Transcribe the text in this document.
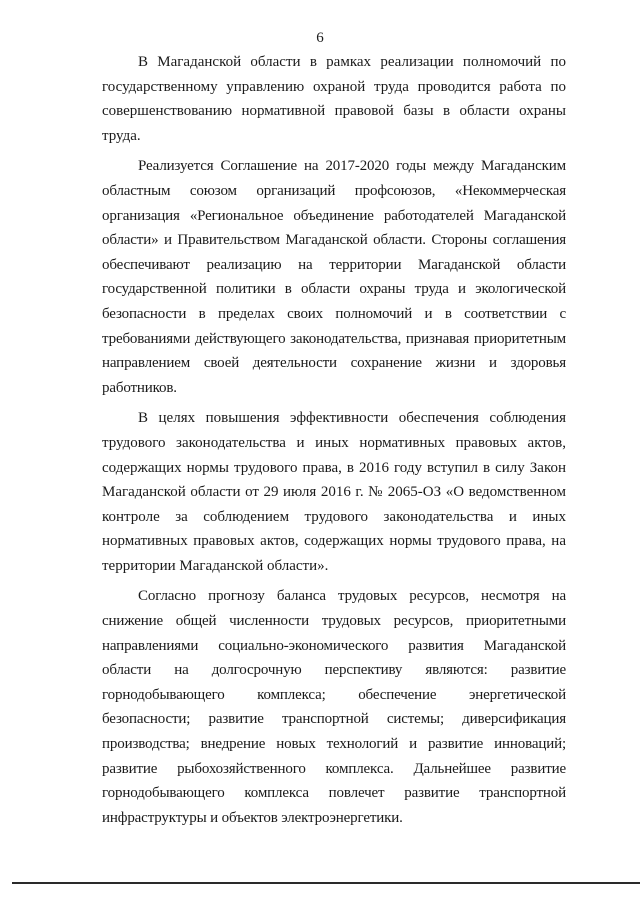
6

В Магаданской области в рамках реализации полномочий по государственному управлению охраной труда проводится работа по совершенствованию нормативной правовой базы в области охраны труда.

Реализуется Соглашение на 2017-2020 годы между Магаданским областным союзом организаций профсоюзов, «Некоммерческая организация «Региональное объединение работодателей Магаданской области» и Правительством Магаданской области. Стороны соглашения обеспечивают реализацию на территории Магаданской области государственной политики в области охраны труда и экологической безопасности в пределах своих полномочий и в соответствии с требованиями действующего законодательства, признавая приоритетным направлением своей деятельности сохранение жизни и здоровья работников.

В целях повышения эффективности обеспечения соблюдения трудового законодательства и иных нормативных правовых актов, содержащих нормы трудового права, в 2016 году вступил в силу Закон Магаданской области от 29 июля 2016 г. № 2065-ОЗ «О ведомственном контроле за соблюдением трудового законодательства и иных нормативных правовых актов, содержащих нормы трудового права, на территории Магаданской области».

Согласно прогнозу баланса трудовых ресурсов, несмотря на снижение общей численности трудовых ресурсов, приоритетными направлениями социально-экономического развития Магаданской области на долгосрочную перспективу являются: развитие горнодобывающего комплекса; обеспечение энергетической безопасности; развитие транспортной системы; диверсификация производства; внедрение новых технологий и развитие инноваций; развитие рыбохозяйственного комплекса. Дальнейшее развитие горнодобывающего комплекса повлечет развитие транспортной инфраструктуры и объектов электроэнергетики.
